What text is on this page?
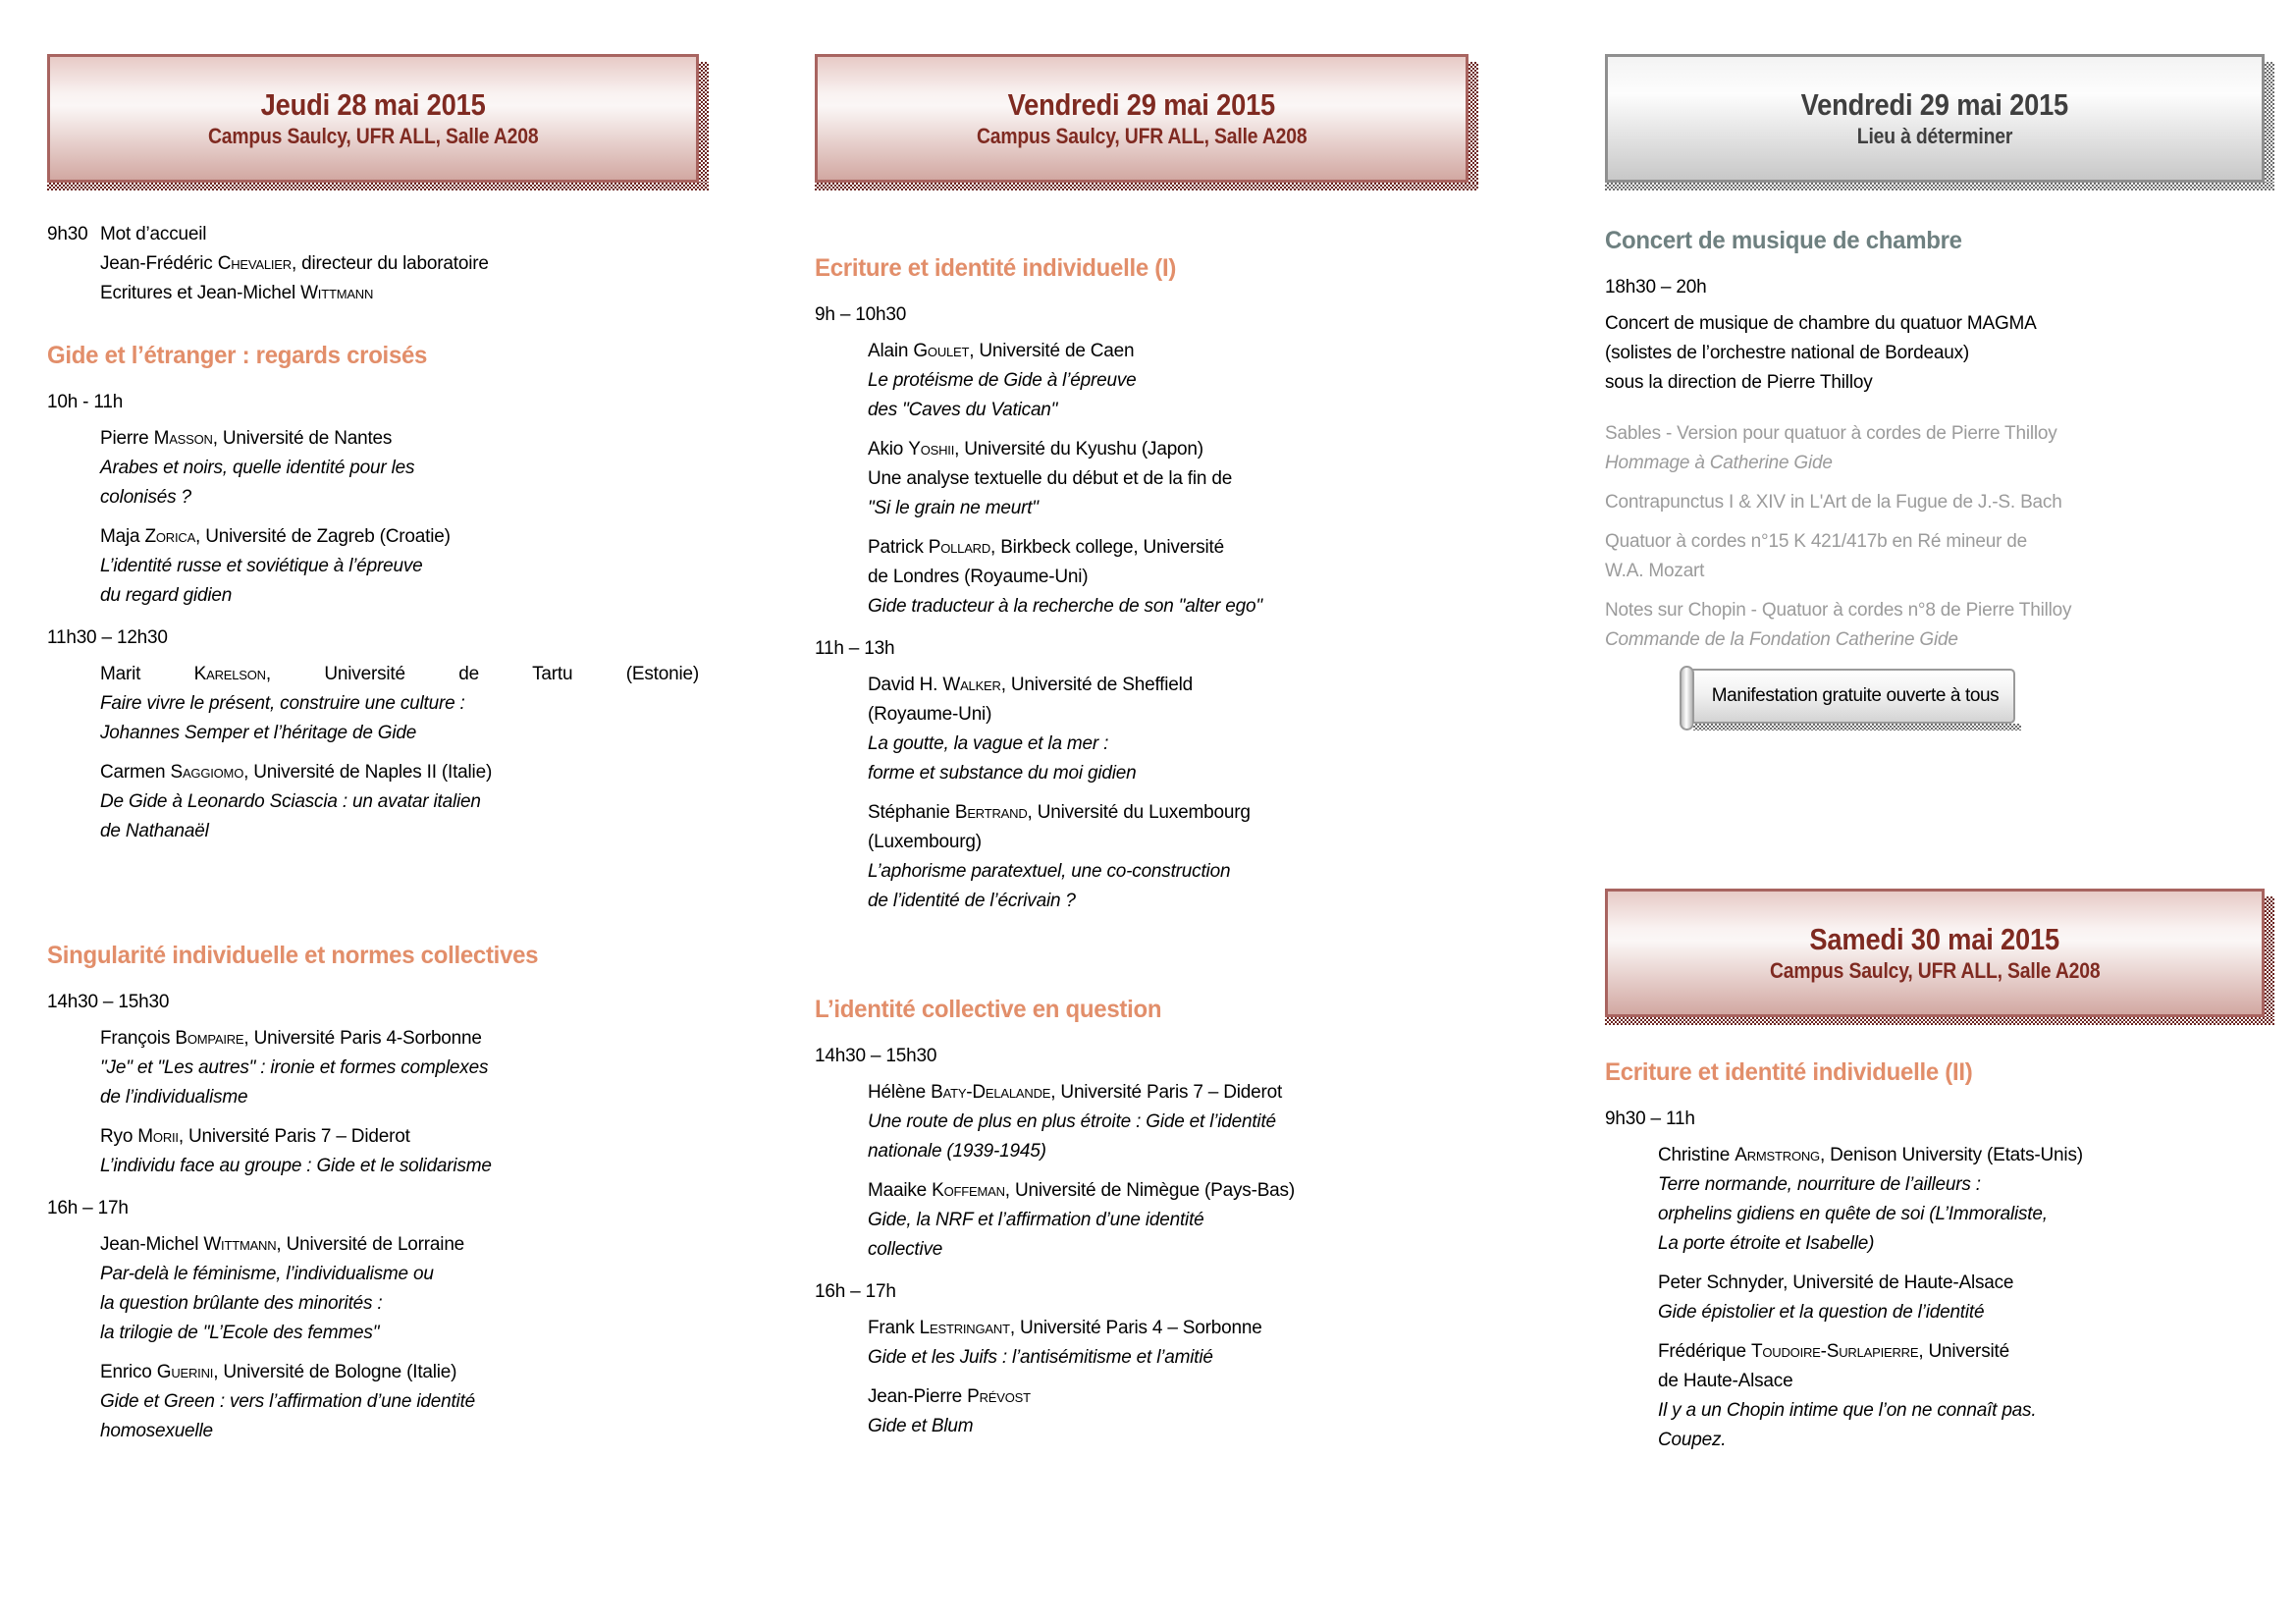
Jeudi 28 mai 2015
Campus Saulcy, UFR ALL, Salle A208
9h30 Mot d’accueil
Jean-Frédéric Chevalier, directeur du laboratoire
Ecritures et Jean-Michel Wittmann
Gide et l’étranger : regards croisés
10h - 11h
Pierre Masson, Université de Nantes
Arabes et noirs, quelle identité pour les
colonisés ?
Maja Zorica, Université de Zagreb (Croatie)
L’identité russe et soviétique à l’épreuve
du regard gidien
11h30 – 12h30
Marit Karelson, Université de Tartu (Estonie)
Faire vivre le présent, construire une culture :
Johannes Semper et l’héritage de Gide
Carmen Saggiomo, Université de Naples II (Italie)
De Gide à Leonardo Sciascia : un avatar italien
de Nathanaël
Singularité individuelle et normes collectives
14h30 – 15h30
François Bompaire, Université Paris 4-Sorbonne
"Je" et "Les autres" : ironie et formes complexes
de l’individualisme
Ryo Morii, Université Paris 7 – Diderot
L’individu face au groupe : Gide et le solidarisme
16h – 17h
Jean-Michel Wittmann, Université de Lorraine
Par-delà le féminisme, l’individualisme ou
la question brûlante des minorités :
la trilogie de "L’Ecole des femmes"
Enrico Guerini, Université de Bologne (Italie)
Gide et Green : vers l’affirmation d’une identité
homosexuelle
Vendredi 29 mai 2015
Campus Saulcy, UFR ALL, Salle A208
Ecriture et identité individuelle (I)
9h – 10h30
Alain Goulet, Université de Caen
Le protéisme de Gide à l’épreuve
des "Caves du Vatican"
Akio Yoshii, Université du Kyushu (Japon)
Une analyse textuelle du début et de la fin de
"Si le grain ne meurt"
Patrick Pollard, Birkbeck college, Université
de Londres (Royaume-Uni)
Gide traducteur à la recherche de son "alter ego"
11h – 13h
David H. Walker, Université de Sheffield
(Royaume-Uni)
La goutte, la vague et la mer :
forme et substance du moi gidien
Stéphanie Bertrand, Université du Luxembourg
(Luxembourg)
L’aphorisme paratextuel, une co-construction
de l’identité de l’écrivain ?
L’identité collective en question
14h30 – 15h30
Hélène Baty-Delalande, Université Paris 7 – Diderot
Une route de plus en plus étroite : Gide et l’identité
nationale (1939-1945)
Maaike Koffeman, Université de Nimègue (Pays-Bas)
Gide, la NRF et l’affirmation d’une identité
collective
16h – 17h
Frank Lestringant, Université Paris 4 – Sorbonne
Gide et les Juifs : l’antisémitisme et l’amitié
Jean-Pierre Prévost
Gide et Blum
Vendredi 29 mai 2015
Lieu à déterminer
Concert de musique de chambre
18h30 – 20h
Concert de musique de chambre du quatuor MAGMA
(solistes de l’orchestre national de Bordeaux)
sous la direction de Pierre Thilloy
Sables - Version pour quatuor à cordes de Pierre Thilloy
Hommage à Catherine Gide
Contrapunctus I & XIV in L'Art de la Fugue de J.-S. Bach
Quatuor à cordes n°15 K 421/417b en Ré mineur de
W.A. Mozart
Notes sur Chopin - Quatuor à cordes n°8 de Pierre Thilloy
Commande de la Fondation Catherine Gide
Manifestation gratuite ouverte à tous
Samedi 30 mai 2015
Campus Saulcy, UFR ALL, Salle A208
Ecriture et identité individuelle (II)
9h30 – 11h
Christine Armstrong, Denison University (Etats-Unis)
Terre normande, nourriture de l’ailleurs :
orphelins gidiens en quête de soi (L’Immoraliste,
La porte étroite et Isabelle)
Peter Schnyder, Université de Haute-Alsace
Gide épistolier et la question de l’identité
Frédérique Toudoire-Surlapierre, Université
de Haute-Alsace
Il y a un Chopin intime que l’on ne connaît pas.
Coupez.
